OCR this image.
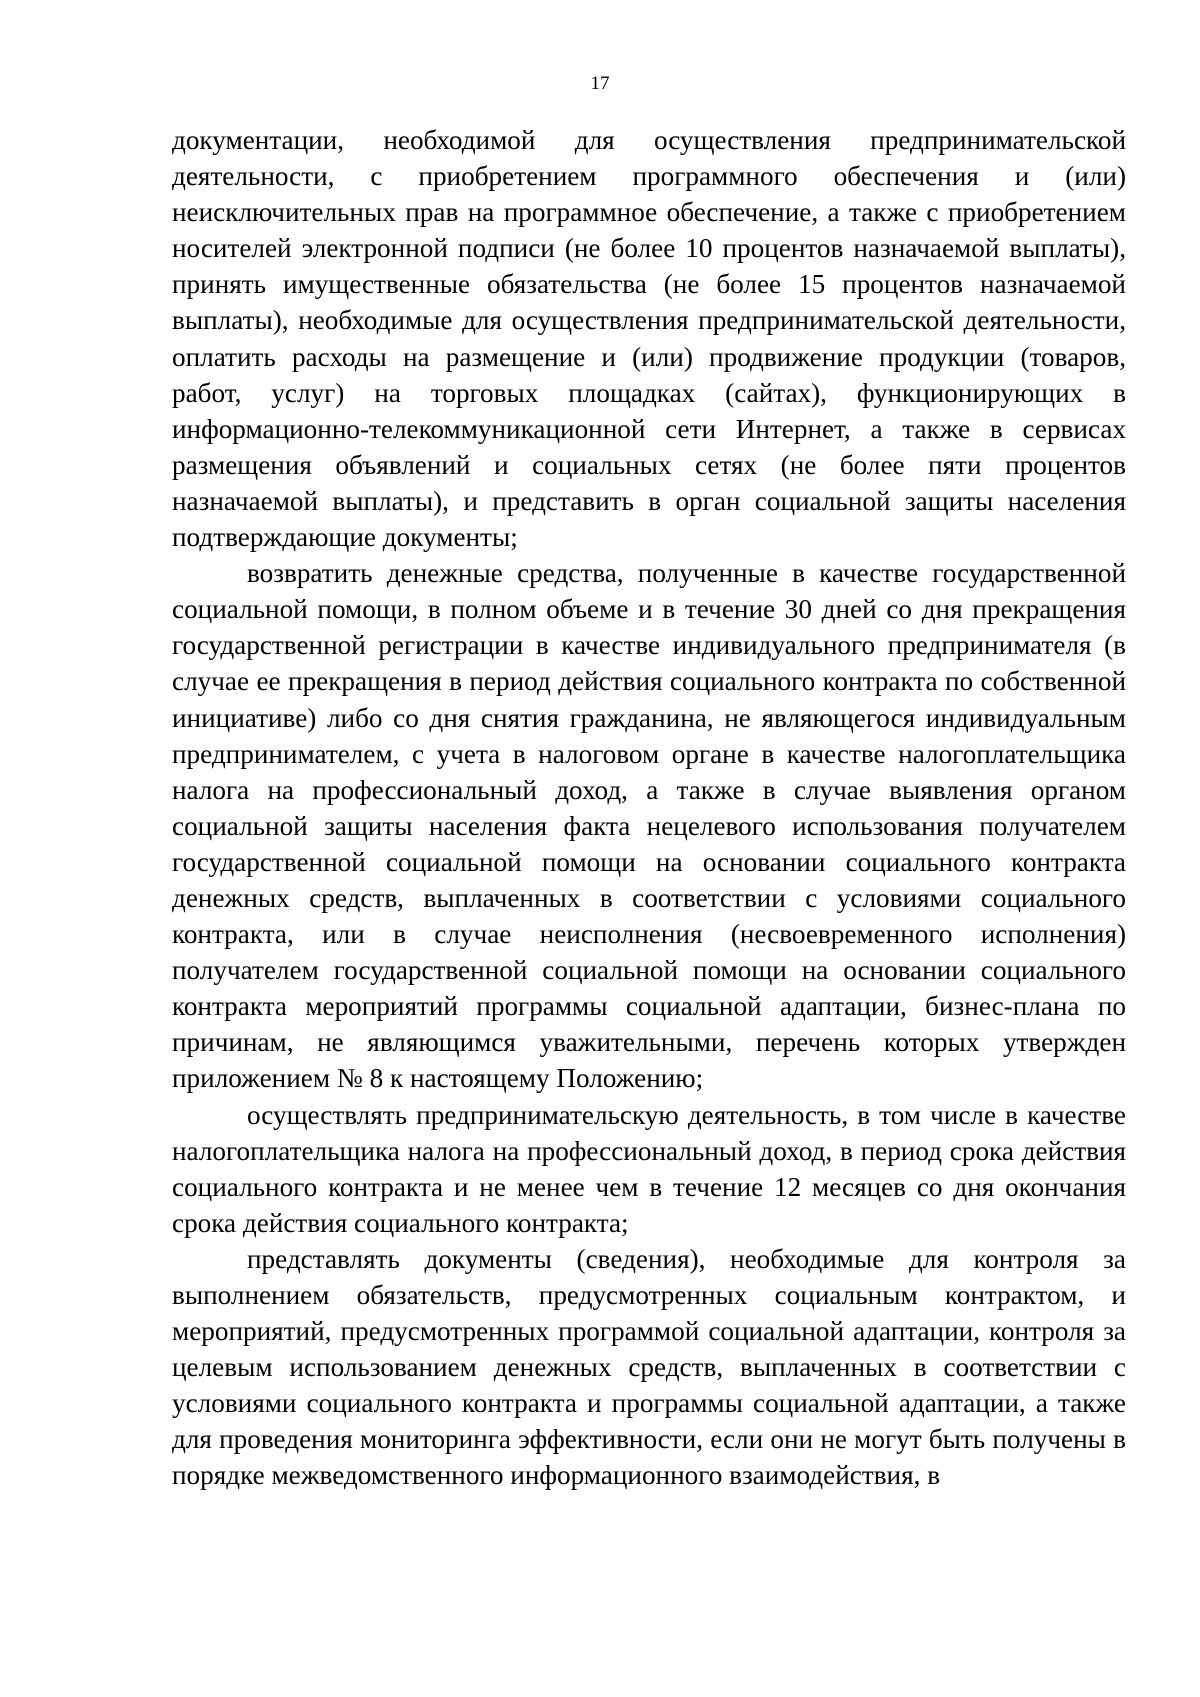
17

документации, необходимой для осуществления предпринимательской деятельности, с приобретением программного обеспечения и (или) неисключительных прав на программное обеспечение, а также с приобретением носителей электронной подписи (не более 10 процентов назначаемой выплаты), принять имущественные обязательства (не более 15 процентов назначаемой выплаты), необходимые для осуществления предпринимательской деятельности, оплатить расходы на размещение и (или) продвижение продукции (товаров, работ, услуг) на торговых площадках (сайтах), функционирующих в информационно-телекоммуникационной сети Интернет, а также в сервисах размещения объявлений и социальных сетях (не более пяти процентов назначаемой выплаты), и представить в орган социальной защиты населения подтверждающие документы;

возвратить денежные средства, полученные в качестве государственной социальной помощи, в полном объеме и в течение 30 дней со дня прекращения государственной регистрации в качестве индивидуального предпринимателя (в случае ее прекращения в период действия социального контракта по собственной инициативе) либо со дня снятия гражданина, не являющегося индивидуальным предпринимателем, с учета в налоговом органе в качестве налогоплательщика налога на профессиональный доход, а также в случае выявления органом социальной защиты населения факта нецелевого использования получателем государственной социальной помощи на основании социального контракта денежных средств, выплаченных в соответствии с условиями социального контракта, или в случае неисполнения (несвоевременного исполнения) получателем государственной социальной помощи на основании социального контракта мероприятий программы социальной адаптации, бизнес-плана по причинам, не являющимся уважительными, перечень которых утвержден приложением № 8 к настоящему Положению;

осуществлять предпринимательскую деятельность, в том числе в качестве налогоплательщика налога на профессиональный доход, в период срока действия социального контракта и не менее чем в течение 12 месяцев со дня окончания срока действия социального контракта;

представлять документы (сведения), необходимые для контроля за выполнением обязательств, предусмотренных социальным контрактом, и мероприятий, предусмотренных программой социальной адаптации, контроля за целевым использованием денежных средств, выплаченных в соответствии с условиями социального контракта и программы социальной адаптации, а также для проведения мониторинга эффективности, если они не могут быть получены в порядке межведомственного информационного взаимодействия, в
